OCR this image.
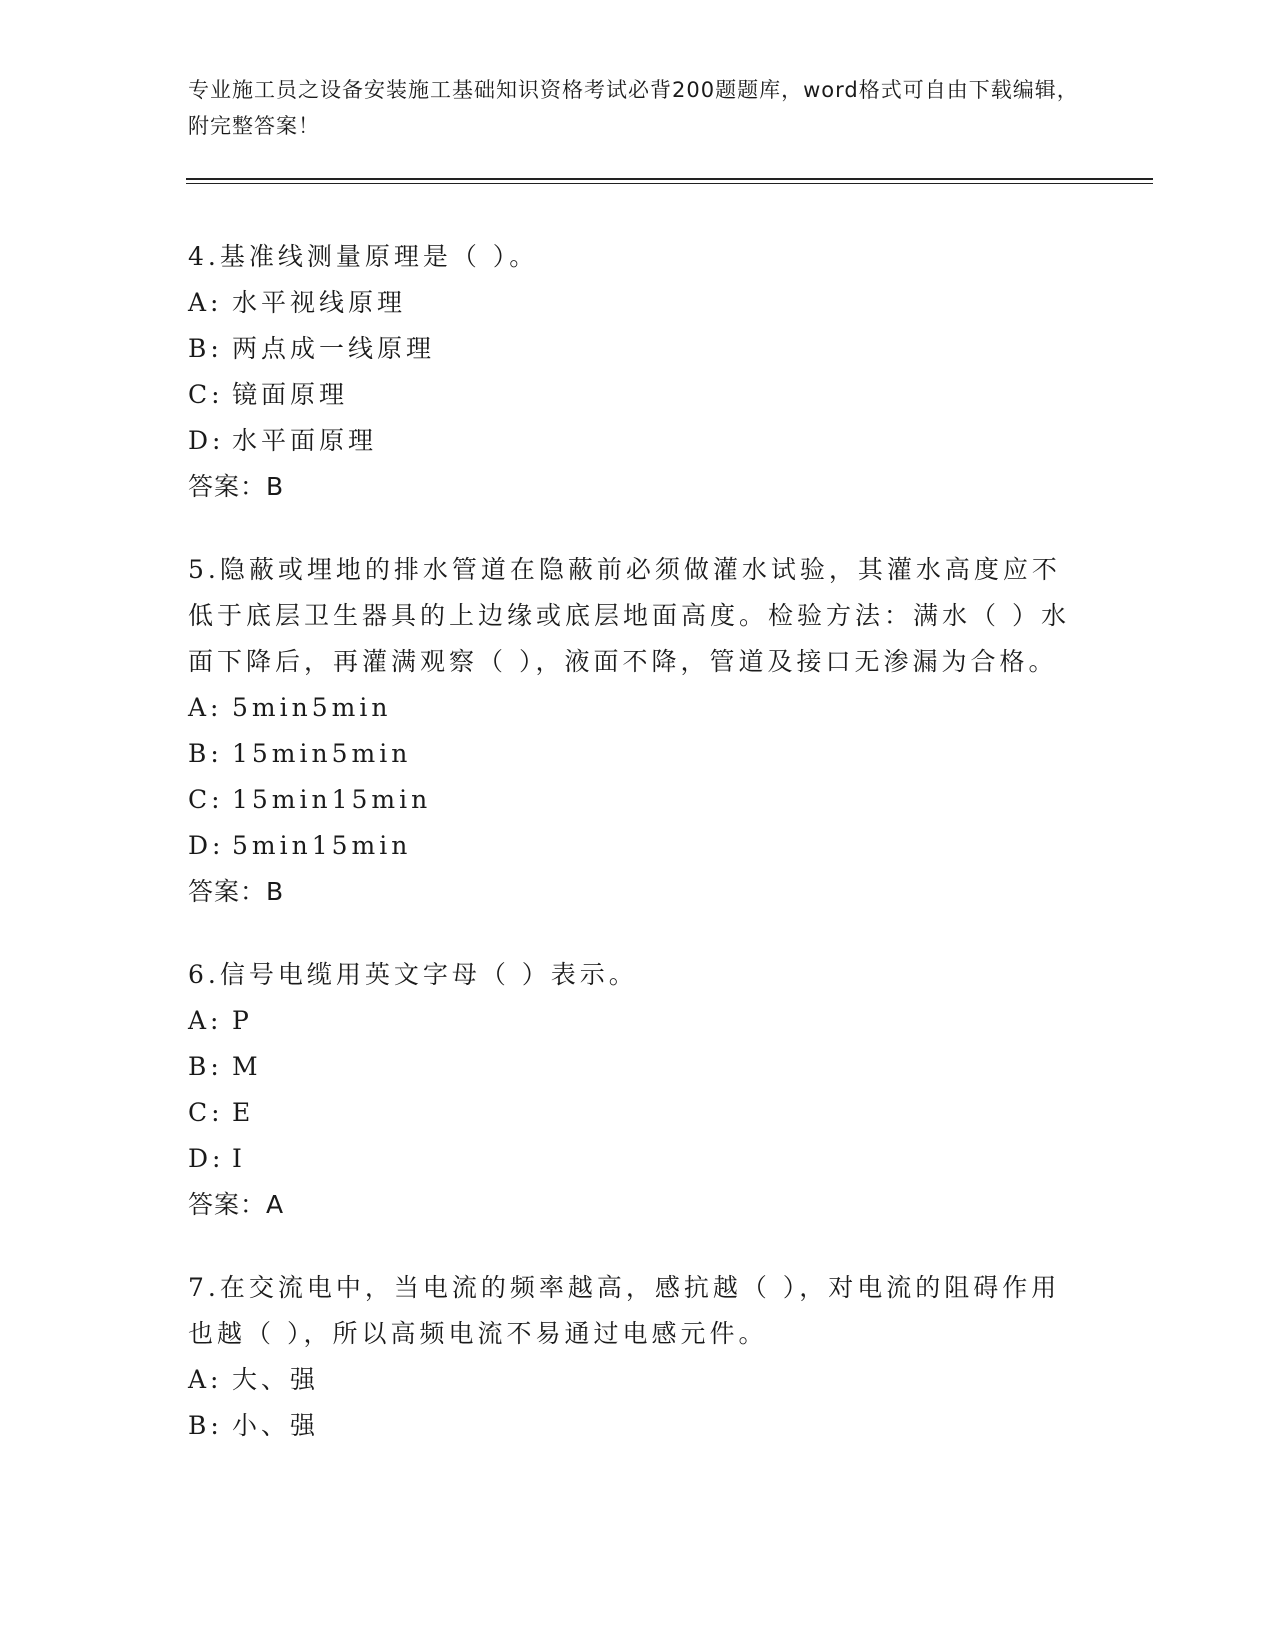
专业施工员之设备安装施工基础知识资格考试必背200题题库，word格式可自由下载编辑，附完整答案！
4.基准线测量原理是（ ）。
A: 水平视线原理
B: 两点成一线原理
C: 镜面原理
D: 水平面原理
答案：B
5.隐蔽或埋地的排水管道在隐蔽前必须做灌水试验，其灌水高度应不低于底层卫生器具的上边缘或底层地面高度。检验方法：满水（ ）水面下降后，再灌满观察（ ），液面不降，管道及接口无渗漏为合格。
A: 5min5min
B: 15min5min
C: 15min15min
D: 5min15min
答案：B
6.信号电缆用英文字母（ ）表示。
A: P
B: M
C: E
D: I
答案：A
7.在交流电中，当电流的频率越高，感抗越（ ），对电流的阻碍作用也越（ ），所以高频电流不易通过电感元件。
A: 大、强
B: 小、强
